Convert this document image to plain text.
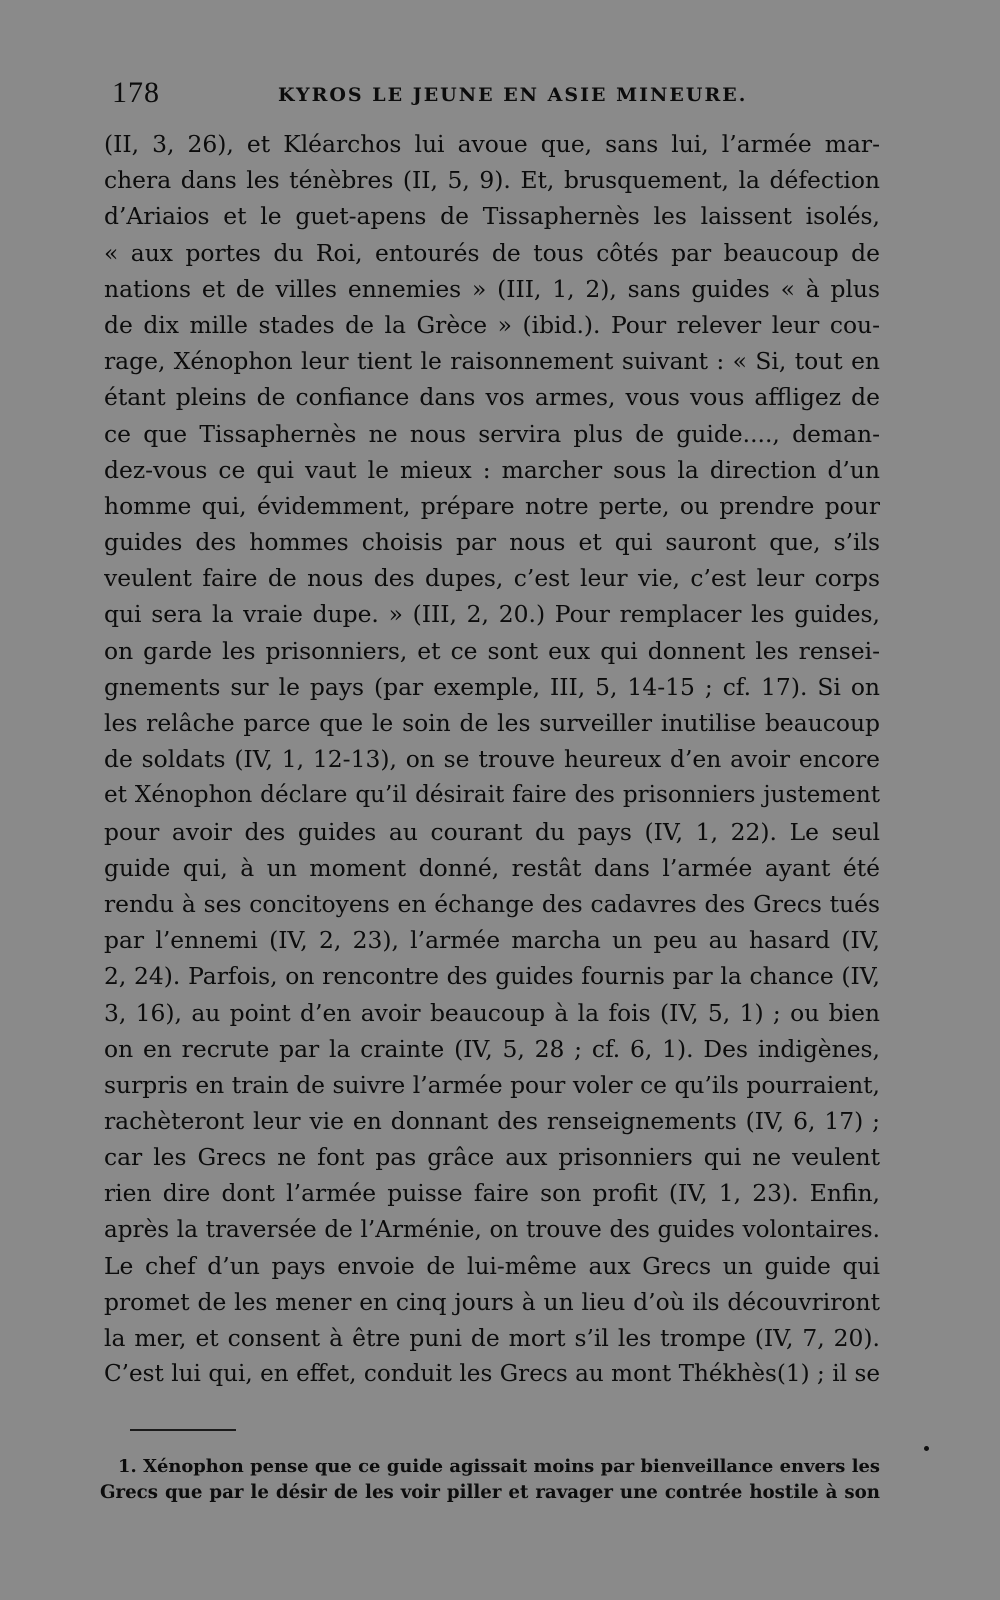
178	KYROS LE JEUNE EN ASIE MINEURE.
(II, 3, 26), et Kléarchos lui avoue que, sans lui, l’armée mar-
chera dans les ténèbres (II, 5, 9). Et, brusquement, la défection
d’Ariaios et le guet-apens de Tissaphernès les laissent isolés,
« aux portes du Roi, entourés de tous côtés par beaucoup de
nations et de villes ennemies » (III, 1, 2), sans guides « à plus
de dix mille stades de la Grèce » (ibid.). Pour relever leur cou-
rage, Xénophon leur tient le raisonnement suivant : « Si, tout en
étant pleins de confiance dans vos armes, vous vous affligez de
ce que Tissaphernès ne nous servira plus de guide...., deman-
dez-vous ce qui vaut le mieux : marcher sous la direction d’un
homme qui, évidemment, prépare notre perte, ou prendre pour
guides des hommes choisis par nous et qui sauront que, s’ils
veulent faire de nous des dupes, c’est leur vie, c’est leur corps
qui sera la vraie dupe. » (III, 2, 20.) Pour remplacer les guides,
on garde les prisonniers, et ce sont eux qui donnent les rensei-
gnements sur le pays (par exemple, III, 5, 14-15 ; cf. 17). Si on
les relâche parce que le soin de les surveiller inutilise beaucoup
de soldats (IV, 1, 12-13), on se trouve heureux d’en avoir encore
et Xénophon déclare qu’il désirait faire des prisonniers justement
pour avoir des guides au courant du pays (IV, 1, 22). Le seul
guide qui, à un moment donné, restât dans l’armée ayant été
rendu à ses concitoyens en échange des cadavres des Grecs tués
par l’ennemi (IV, 2, 23), l’armée marcha un peu au hasard (IV,
2, 24). Parfois, on rencontre des guides fournis par la chance (IV,
3, 16), au point d’en avoir beaucoup à la fois (IV, 5, 1) ; ou bien
on en recrute par la crainte (IV, 5, 28 ; cf. 6, 1). Des indigènes,
surpris en train de suivre l’armée pour voler ce qu’ils pourraient,
rachèteront leur vie en donnant des renseignements (IV, 6, 17) ;
car les Grecs ne font pas grâce aux prisonniers qui ne veulent
rien dire dont l’armée puisse faire son profit (IV, 1, 23). Enfin,
après la traversée de l’Arménie, on trouve des guides volontaires.
Le chef d’un pays envoie de lui-même aux Grecs un guide qui
promet de les mener en cinq jours à un lieu d’où ils découvriront
la mer, et consent à être puni de mort s’il les trompe (IV, 7, 20).
C’est lui qui, en effet, conduit les Grecs au mont Thékhès(1) ; il se
1. Xénophon pense que ce guide agissait moins par bienveillance envers les
Grecs que par le désir de les voir piller et ravager une contrée hostile à son
